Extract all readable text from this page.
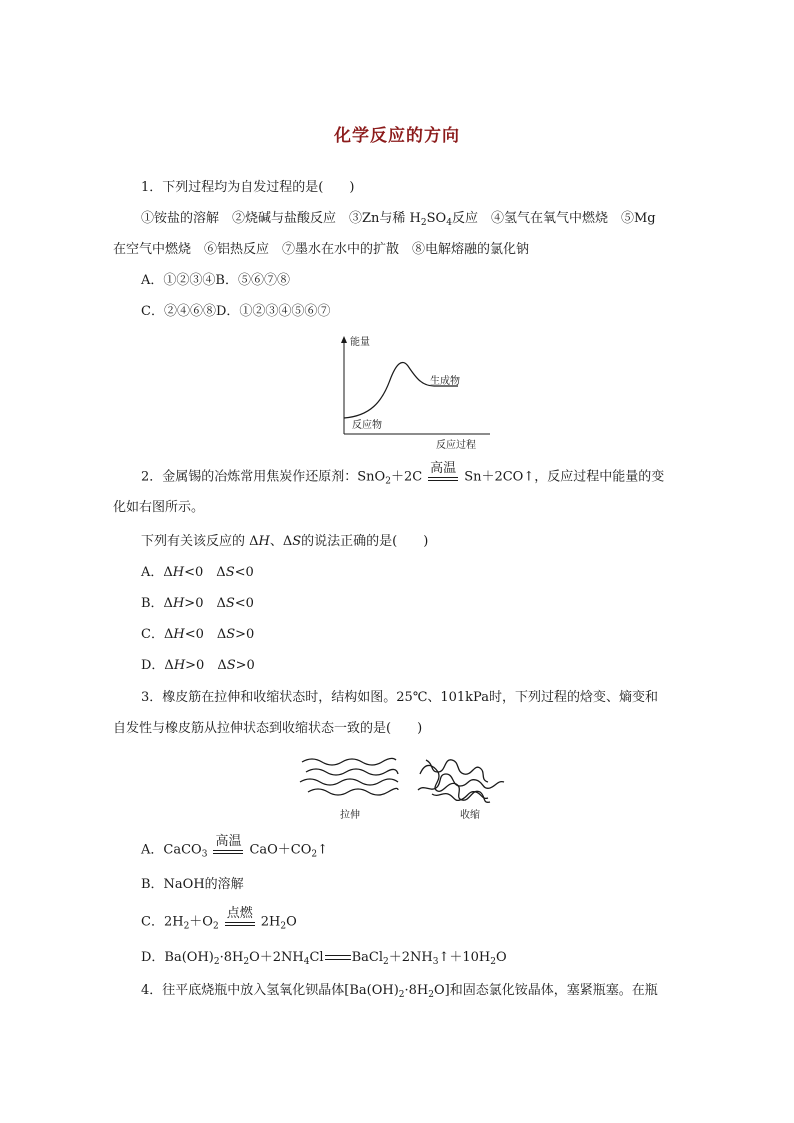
化学反应的方向
1．下列过程均为自发过程的是(　　)
①铵盐的溶解　②烧碱与盐酸反应　③Zn与稀 $H_2SO_4$反应　④氢气在氧气中燃烧　⑤Mg
在空气中燃烧　⑥铝热反应　⑦墨水在水中的扩散　⑧电解熔融的氯化钠
A．①②③④B．⑤⑥⑦⑧
C．②④⑥⑧D．①②③④⑤⑥⑦
能量
生成物
反应物
反应过程
2．金属锡的冶炼常用焦炭作还原剂：SnO$_2$＋2C
高温
Sn＋2CO↑，反应过程中能量的变
化如右图所示。
下列有关该反应的 ΔH、ΔS的说法正确的是(　　)
A．ΔH<0　ΔS<0
B．ΔH>0　ΔS<0
C．ΔH<0　ΔS>0
D．ΔH>0　ΔS>0
3．橡皮筋在拉伸和收缩状态时，结构如图。25℃、101kPa时，下列过程的焓变、熵变和
自发性与橡皮筋从拉伸状态到收缩状态一致的是(　　)
拉伸	收缩
A．CaCO$_3$
高温
$CaO+CO_2↑$
B．NaOH的溶解
C．$2H_2+O_2$
点燃
$2H_2O$
D．$Ba(OH)_2\cdot 8H_2O+2NH_4Cl$ $BaCl_2+2NH_3↑+10H_2O$
4．往平底烧瓶中放入氢氧化钡晶体$[Ba(OH)_2\cdot 8H_2O]$和固态氯化铵晶体，塞紧瓶塞。在瓶
